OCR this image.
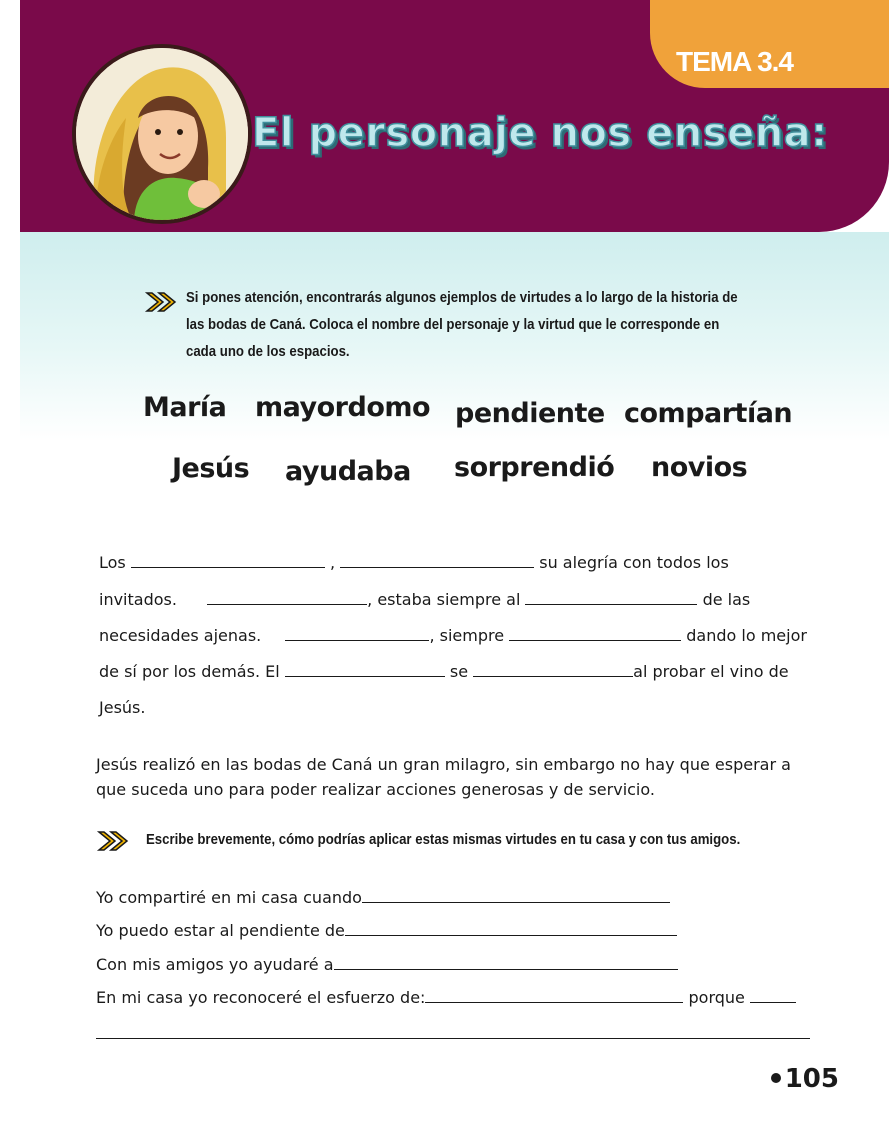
TEMA 3.4
El personaje nos enseña:
Si pones atención, encontrarás algunos ejemplos de virtudes a lo largo de la historia de las bodas de Caná. Coloca el nombre del personaje y la virtud que le corresponde en cada uno de los espacios.
María mayordomo pendiente compartían
Jesús ayudaba sorprendió novios
Los	,	su alegría con todos los
invitados.	, estaba siempre al	de las
necesidades ajenas.	, siempre	dando lo mejor
de sí por los demás. El	se	al probar el vino de
Jesús.
Jesús realizó en las bodas de Caná un gran milagro, sin embargo no hay que esperar a que suceda uno para poder realizar acciones generosas y de servicio.
Escribe brevemente, cómo podrías aplicar estas mismas virtudes en tu casa y con tus amigos.
Yo compartiré en mi casa cuando
Yo puedo estar al pendiente de
Con mis amigos yo ayudaré a
En mi casa yo reconoceré el esfuerzo de:	porque
105
